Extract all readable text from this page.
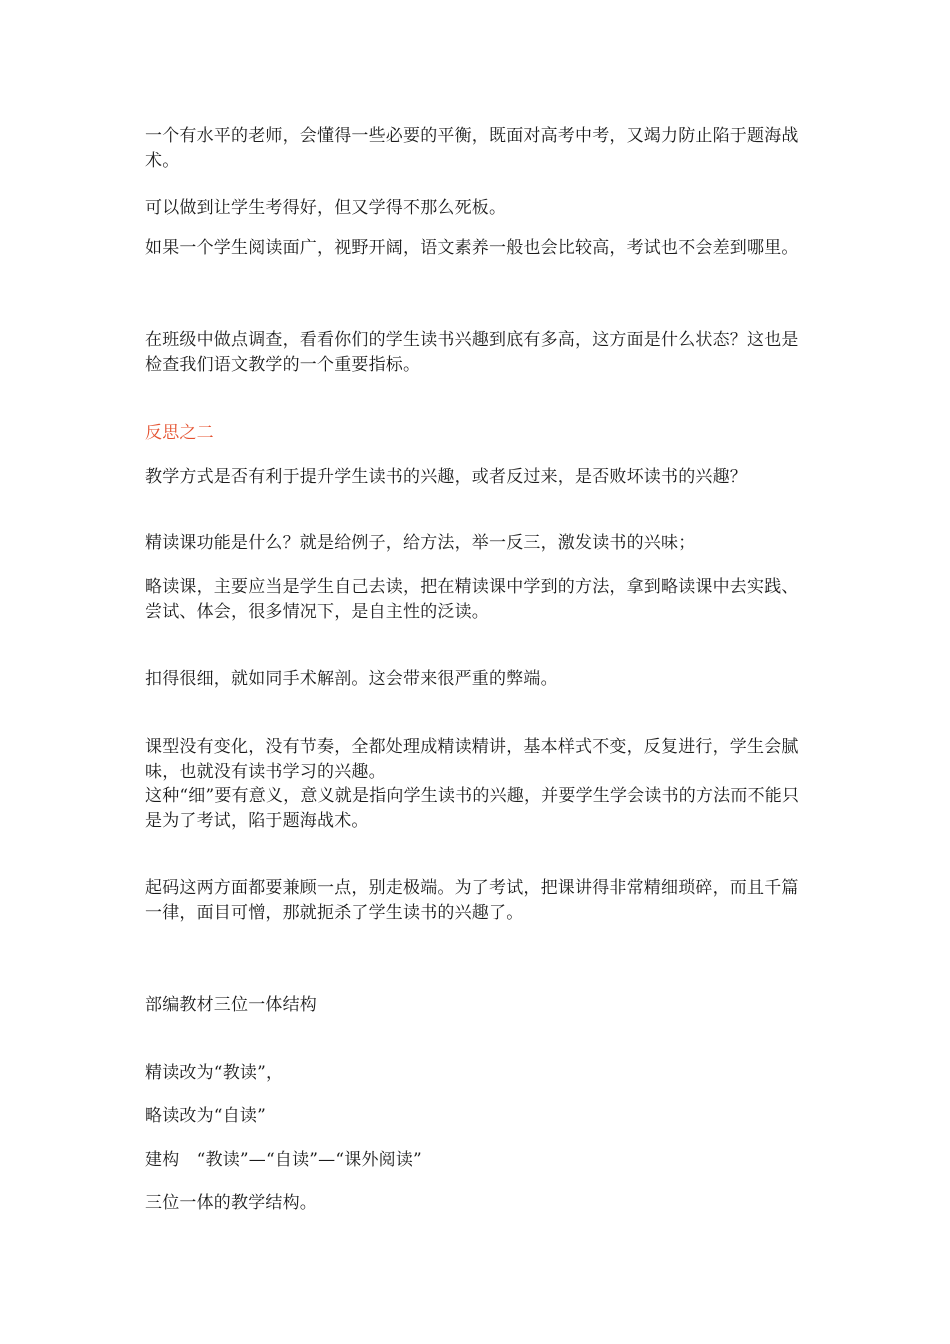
一个有水平的老师，会懂得一些必要的平衡，既面对高考中考，又竭力防止陷于题海战术。

可以做到让学生考得好，但又学得不那么死板。

如果一个学生阅读面广，视野开阔，语文素养一般也会比较高，考试也不会差到哪里。

在班级中做点调查，看看你们的学生读书兴趣到底有多高，这方面是什么状态？这也是检查我们语文教学的一个重要指标。

反思之二

教学方式是否有利于提升学生读书的兴趣，或者反过来，是否败坏读书的兴趣？

精读课功能是什么？就是给例子，给方法，举一反三，激发读书的兴味；

略读课，主要应当是学生自己去读，把在精读课中学到的方法，拿到略读课中去实践、尝试、体会，很多情况下，是自主性的泛读。

扣得很细，就如同手术解剖。这会带来很严重的弊端。

课型没有变化，没有节奏，全都处理成精读精讲，基本样式不变，反复进行，学生会腻味，也就没有读书学习的兴趣。

这种“细”要有意义，意义就是指向学生读书的兴趣，并要学生学会读书的方法而不能只是为了考试，陷于题海战术。

起码这两方面都要兼顾一点，别走极端。为了考试，把课讲得非常精细琐碎，而且千篇一律，面目可憎，那就扼杀了学生读书的兴趣了。

部编教材三位一体结构

精读改为“教读”，

略读改为“自读”

建构　“教读”—“自读”—“课外阅读”

三位一体的教学结构。
